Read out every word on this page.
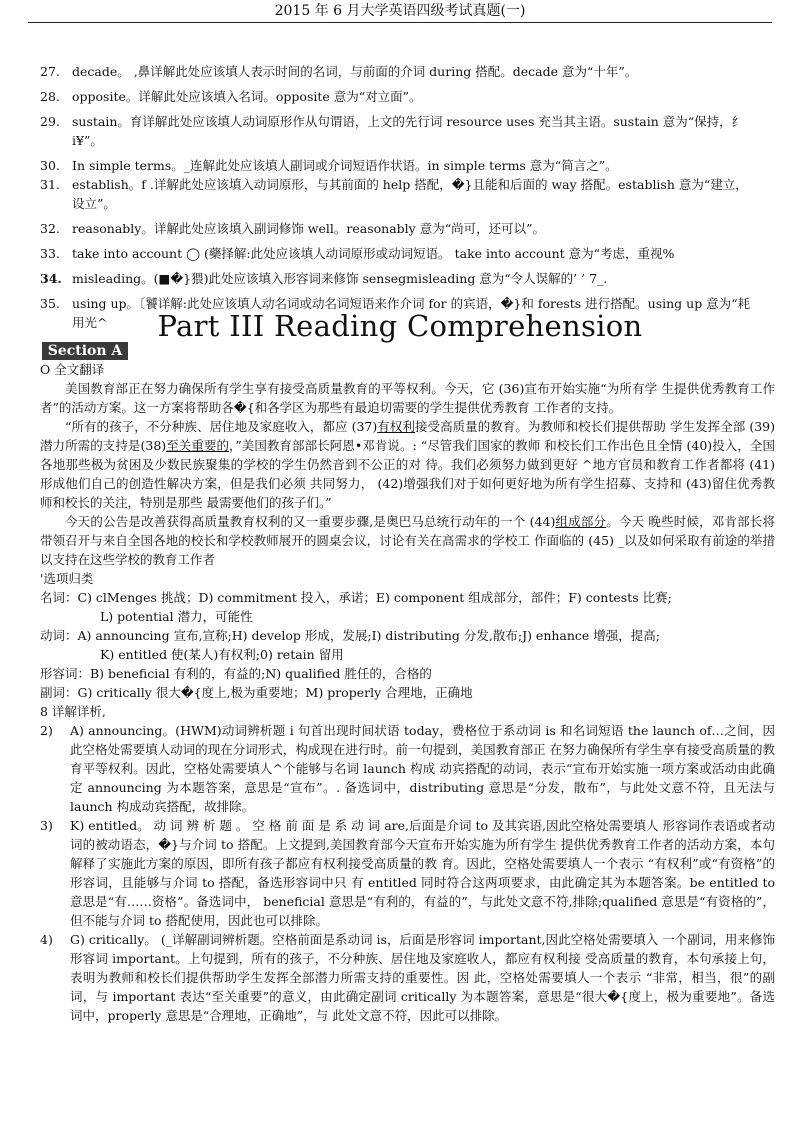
2015 年 6 月大学英语四级考试真题(一)
27. decade。 ,鼻详解此处应该填人表示时间的名词，与前面的介词 during 搭配。decade 意为“十年”。
28. opposite。详解此处应该填入名词。opposite 意为“对立面”。
29. sustain。育详解此处应该填人动词原形作从句谓语，上文的先行词 resource uses 充当其主语。sustain 意为“保持，纟 i¥”。
30. In simple terms。_连解此处应该填人副词或介词短语作状语。in simple terms 意为“简言之”。
31. establish。f .详解此处应该填入动词原形，与其前面的 help 搭配，�}且能和后面的 way 搭配。establish 意为“建立，设立”。
32. reasonably。详解此处应该填入副词修饰 well。reasonably 意为“尚可，还可以”。
33. take into account ◯ (藥择解:此处应该填人动词原形或动词短语。 take into account 意为“考虑，重视%
34. misleading。(■�}猥)此处应该填入形容词来修饰 sensegmisleading 意为“令人误解的’ ’ 7_.
35. using up。〔饕详解:此处应该填人动名词或动名词短语来作介词 for 的宾语，�}和 forests 进行搭配。using up 意为“耗用光^	Part III Reading Comprehension
Section A

O 全文翻译

美国教育部正在努力确保所有学生享有接受高质量教育的平等权利。今天，它 (36)宣布开始实施“为所有学 生提供优秀教育工作者”的活动方案。这一方案将帮助各�{和各学区为那些有最迫切需要的学生提供优秀教育 工作者的支持。

“所有的孩子，不分种族、居住地及家庭收入，都应 (37)有权利接受高质量的教育。为教师和校长们提供帮助 学生发挥全部 (39)潜力所需的支持是(38)至关重要的，”美国教育部部长阿恩•邓肯说。: “尽管我们国家的教师 和校长们工作出色且全情 (40)投入，全国各地那些极为贫困及少数民族聚集的学校的学生仍然音到不公正的对 待。我们必须努力做到更好 ^地方官员和教育工作者都将 (41)形成他们自己的创造性解决方案，但是我们必须 共同努力， (42)增强我们对于如何更好地为所有学生招募、支持和 (43)留住优秀教师和校长的关注，特别是那些 最需要他们的孩子们。”

今天的公告是改善获得高质量教育权利的又一重要步骤,是奥巴马总统行动年的一个 (44)组成部分。今天 晚些时候，邓肯部长将带领召开与来自全国各地的校长和学校教师展开的圆桌会议，讨论有关在高需求的学校工 作面临的 (45) _以及如何采取有前途的举措以支持在这些学校的教育工作者

'选项归类

名词：C) clMenges 挑战；D) commitment 投入，承诺；E) component 组成部分，部件；F) contests 比赛;

L) potential 潜力，可能性

动词：A) announcing 宣布,宣称;H) develop 形成，发展;I) distributing 分发,散布;J) enhance 增强，提高;

K) entitled 使(某人)有权利;0) retain 留用

形容词：B) beneficial 有利的，有益的;N) qualified 胜任的，合格的

副词：G) critically 很大�{度上,极为重要地；M) properly 合理地，正确地

8 详解详析,

2)	A) announcing。(HWM)动词辨析题 i 句首出现时间状语 today，费格位于系动词 is 和名词短语 the launch of…之间，因此空格处需要填人动词的现在分词形式，构成现在进行时。前一句提到，美国教育部正 在努力确保所有学生享有接受高质量的教育平等权利。因此，空格处需要填人^个能够与名词 launch 构成 动宾搭配的动词，表示“宣布开始实施一项方案或活动由此确定 announcing 为本题答案，意思是“宣布”。. 备选词中，distributing 意思是“分发，散布”，与此处文意不符，且无法与 launch 构成动宾搭配，故排除。
3)	K) entitled。 动 词 辨 析 题 。 空 格 前 面 是 系 动 词 are,后面是介词 to 及其宾语,因此空格处需要填人 形容词作表语或者动词的被动语态，�}与介词 to 搭配。上文提到,美国教育部今天宣布开始实施为所有学生 提供优秀教育工作者的活动方案，本句解释了实施此方案的原因，即所有孩子都应有权利接受高质量的教 育。因此，空格处需要填人一个表示 “有权利”或“有资格”的形容词，且能够与介词 to 搭配，备选形容词中只 有 entitled 同时符合这两项要求，由此确定其为本题答案。be entitled to 意思是“有……资格”。备选词中， beneficial 意思是“有利的，有益的”，与此处文意不符,排除;qualified 意思是“有资格的”，但不能与介词 to 搭配使用，因此也可以排除。
4)	G) critically。 (_详解副词辨析题。空格前面是系动词 is，后面是形容词 important,因此空格处需要填入 一个副词，用来修饰形容词 important。上句提到，所有的孩子，不分种族、居住地及家庭收人，都应有权利接 受高质量的教育，本句承接上句，表明为教师和校长们提供帮助学生发挥全部潜力所需支持的重要性。因 此，空格处需要填人一个表示 “非常，相当，很”的副词，与 important 表达“至关重要”的意义，由此确定副词 critically 为本题答案，意思是“很大�{度上，极为重要地”。备选词中，properly 意思是“合理地，正确地”，与 此处文意不符，因此可以排除。
